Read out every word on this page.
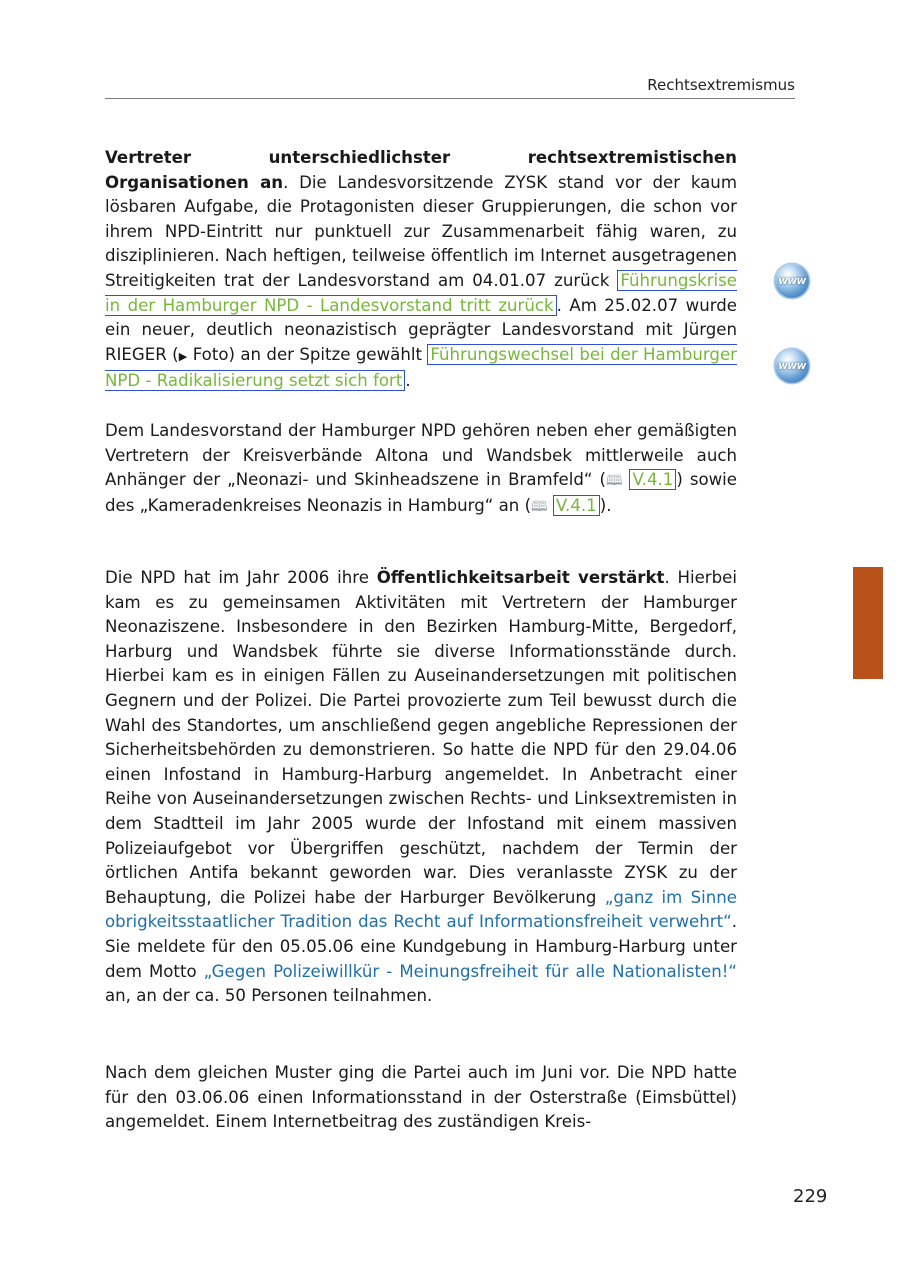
Rechtsextremismus

Vertreter unterschiedlichster rechtsextremistischen Organisationen an. Die Landesvorsitzende ZYSK stand vor der kaum lösbaren Aufgabe, die Protagonisten dieser Gruppierungen, die schon vor ihrem NPD-Eintritt nur punktuell zur Zusammenarbeit fähig waren, zu disziplinieren. Nach heftigen, teilweise öffentlich im Internet ausgetragenen Streitigkeiten trat der Landesvorstand am 04.01.07 zurück Führungskrise in der Hamburger NPD - Landesvorstand tritt zurück . Am 25.02.07 wurde ein neuer, deutlich neonazistisch geprägter Landesvorstand mit Jürgen RIEGER (▶ Foto) an der Spitze gewählt Führungswechsel bei der Hamburger NPD - Radikalisierung setzt sich fort .

Dem Landesvorstand der Hamburger NPD gehören neben eher gemäßigten Vertretern der Kreisverbände Altona und Wandsbek mittlerweile auch Anhänger der „Neonazi- und Skinheadszene in Bramfeld“ (🕮 V.4.1 ) sowie des „Kameradenkreises Neonazis in Hamburg“ an (🕮 V.4.1 ).

Die NPD hat im Jahr 2006 ihre Öffentlichkeitsarbeit verstärkt. Hierbei kam es zu gemeinsamen Aktivitäten mit Vertretern der Hamburger Neonaziszene. Insbesondere in den Bezirken Hamburg-Mitte, Bergedorf, Harburg und Wandsbek führte sie diverse Informationsstände durch. Hierbei kam es in einigen Fällen zu Auseinandersetzungen mit politischen Gegnern und der Polizei. Die Partei provozierte zum Teil bewusst durch die Wahl des Standortes, um anschließend gegen angebliche Repressionen der Sicherheitsbehörden zu demonstrieren. So hatte die NPD für den 29.04.06 einen Infostand in Hamburg-Harburg angemeldet. In Anbetracht einer Reihe von Auseinandersetzungen zwischen Rechts- und Linksextremisten in dem Stadtteil im Jahr 2005 wurde der Infostand mit einem massiven Polizeiaufgebot vor Übergriffen geschützt, nachdem der Termin der örtlichen Antifa bekannt geworden war. Dies veranlasste ZYSK zu der Behauptung, die Polizei habe der Harburger Bevölkerung „ganz im Sinne obrigkeitsstaatlicher Tradition das Recht auf Informationsfreiheit verwehrt“. Sie meldete für den 05.05.06 eine Kundgebung in Hamburg-Harburg unter dem Motto „Gegen Polizeiwillkür - Meinungsfreiheit für alle Nationalisten!“ an, an der ca. 50 Personen teilnahmen.

Nach dem gleichen Muster ging die Partei auch im Juni vor. Die NPD hatte für den 03.06.06 einen Informationsstand in der Osterstraße (Eimsbüttel) angemeldet. Einem Internetbeitrag des zuständigen Kreis-

www
www
229
